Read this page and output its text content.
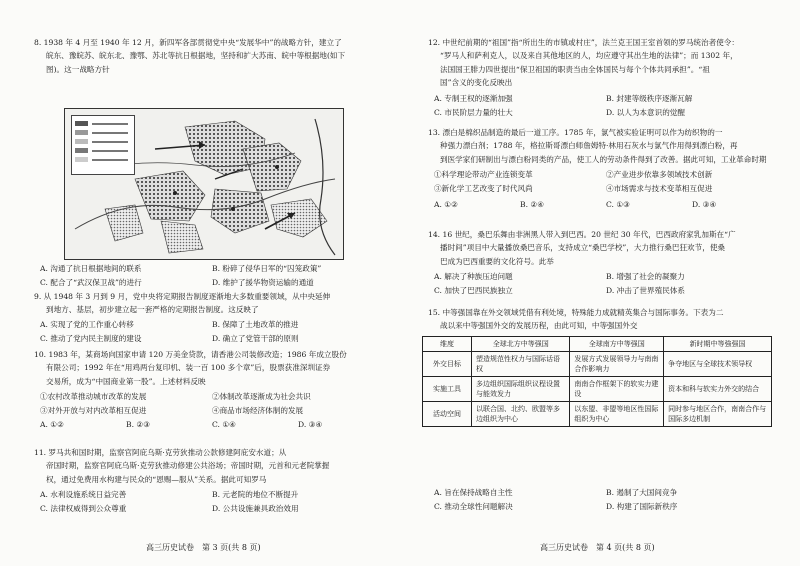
8. 1938 年 4 月至 1940 年 12 月，新四军各部贯彻党中央“发展华中”的战略方针，建立了

皖东、豫皖苏、皖东北、豫鄂、苏北等抗日根据地，坚持和扩大苏南、皖中等根据地(如下

图)。这一战略方针

A. 沟通了抗日根据地间的联系	B. 粉碎了侵华日军的“囚笼政策”
C. 配合了“武汉保卫战”的进行	D. 维护了援华物资运输的通道

9. 从 1948 年 3 月到 9 月，党中央将定期报告制度逐渐地大多数重要领域，从中央延伸

到地方、基层，初步建立起一套严格的定期报告制度。这反映了

A. 实现了党的工作重心转移	B. 保障了土地改革的推进
C. 推动了党内民主制度的建设	D. 确立了党管干部的原则

10. 1983 年，某商场向国家申请 120 万美金贷款，请香港公司装修改造；1986 年成立股份

有限公司；1992 年在“用鸡两台复印机、装一百 100 多个章”后，股票获准深圳证券

交易所，成为“中国商业第一股”。上述材料反映

①农村改革推动城市改革的发展	②体制改革逐渐成为社会共识
③对外开放与对内改革相互促进	④商品市场经济体制的发展
A. ①②	B. ②③	C. ①④	D. ③④

11. 罗马共和国时期，监察官阿庇乌斯·克劳狄推动公款修建阿庇安水道；从

帝国时期，监察官阿庇乌斯·克劳狄推动修建公共浴场；帝国时期，元首和元老院掌握

权，通过免费用水构建与民众的“恩赐—服从”关系。据此可知罗马

A. 水利设施系统日益完善	B. 元老院的地位不断提升
C. 法律权威得到公众尊重	D. 公共设施兼具政治效用
高三历史试卷　第 3 页(共 8 页)

12. 中世纪前期的“祖国”指“所出生的市镇或村庄”，法兰克王国王室首领的罗马统治者使令：

“罗马人和萨利克人，以及来自其他地区的人，均应遵守其出生地的法律”；而 1302 年，

法国国王腓力四世提出“保卫祖国的职责当由全体国民与每个个体共同承担”。“祖

国”含义的变化反映出

A. 专制王权的逐渐加强	B. 封建等级秩序逐渐瓦解
C. 市民阶层力量的壮大	D. 以人为本意识的觉醒

13. 漂白是棉织品制造的最后一道工序。1785 年，氯气被实验证明可以作为纺织物的一

种强力漂白剂；1788 年，格拉斯哥漂白师詹姆特·林用石灰水与氯气作用得到漂白粉，再

到医学家们研制出与漂白粉同类的产品，使工人的劳动条件得到了改善。据此可知，工业革命时期

①科学理论带动产业连锁变革	②产业进步依靠多领域技术创新
③新化学工艺改变了时代风尚	④市场需求与技术变革相互促进
A. ①②	B. ②④	C. ①③	D. ③④

14. 16 世纪，桑巴乐舞由非洲黑人带入到巴西。20 世纪 30 年代，巴西政府家乳加斯在“广

播时间”项目中大量播放桑巴音乐，支持成立“桑巴学校”，大力推行桑巴狂欢节，使桑

巴成为巴西重要的文化符号。此举

A. 解决了种族压迫问题	B. 增强了社会的凝聚力
C. 加快了巴西民族独立	D. 冲击了世界殖民体系

15. 中等强国靠在外交领域凭借有利处境，特殊能力成就精英集合与国际事务。下表为二

战以来中等强国外交的发展历程，由此可知，中等强国外交

维度	全球北方中等强国	全球南方中等强国	新时期中等強强国
外交目标	塑造规范性权力与国际话语权	发展方式发展领导力与南南合作影响力	争夺地区与全球技术领导权
实施工具	多边组织国际组织议程设置与能效发力	南南合作框架下的软实力建设	资本和科与软实力外交的结合
活动空间	以联合国、北约、欧盟等多边组织为中心	以东盟、非盟等地区性国际组织为中心	同时参与地区合作，南南合作与国际多边机制
A. 旨在保持战略自主性	B. 遏制了大国间竞争
C. 推动全球性问题解决	D. 构建了国际新秩序
高三历史试卷　第 4 页(共 8 页)
